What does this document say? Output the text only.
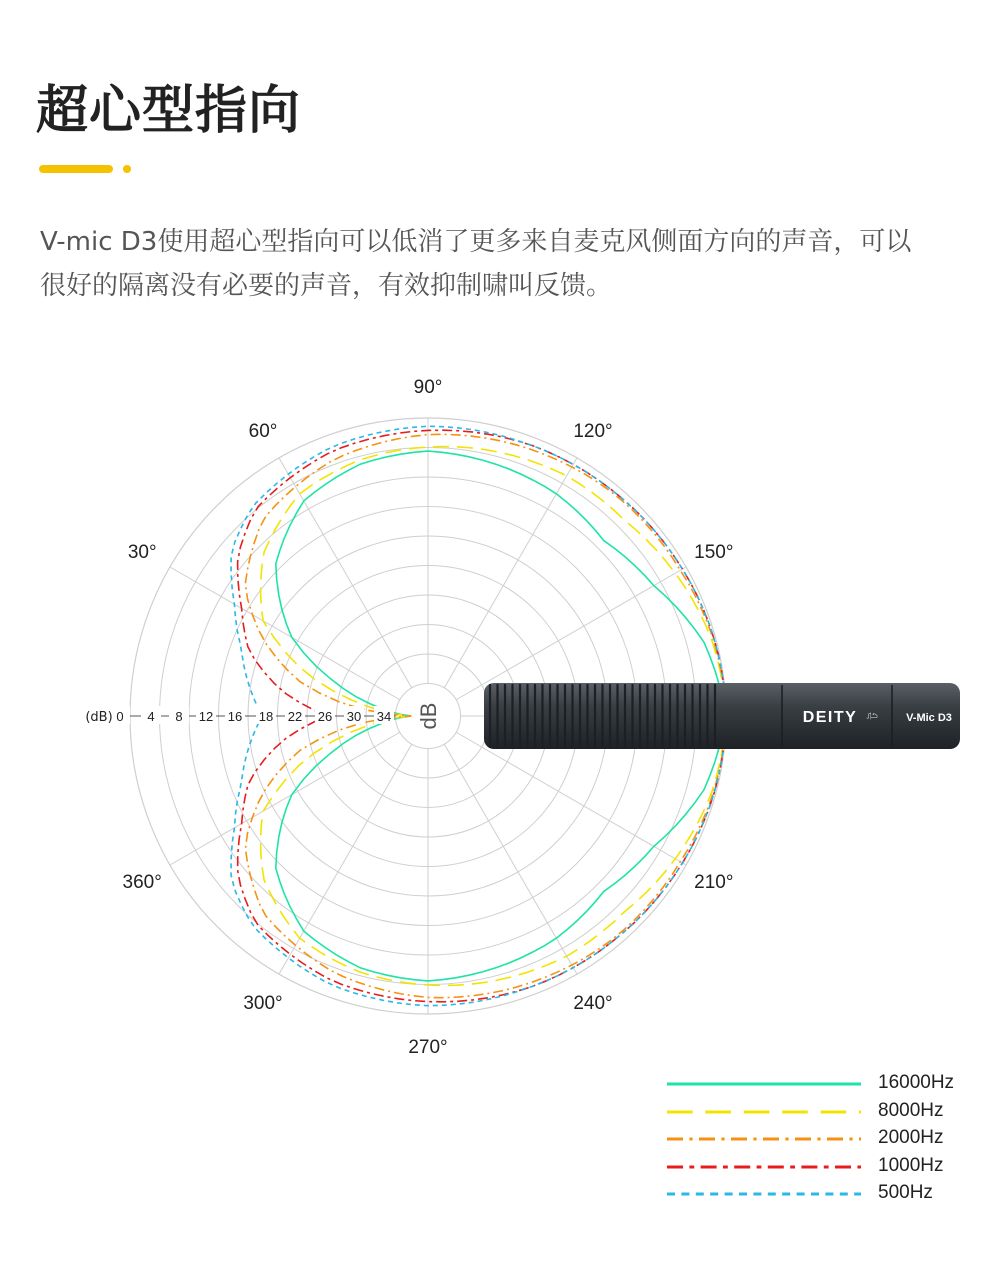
超心型指向

V-mic D3使用超心型指向可以低消了更多来自麦克风侧面方向的声音，可以很好的隔离没有必要的声音，有效抑制啸叫反馈。

DEITY ট V-Mic D3
90°
120°
150°
210°
240°
270°
300°
360°
30°
60°
0 4 8 12 16 18 22 26 30 34
(dB)	dB
16000Hz
8000Hz
2000Hz
1000Hz
500Hz
